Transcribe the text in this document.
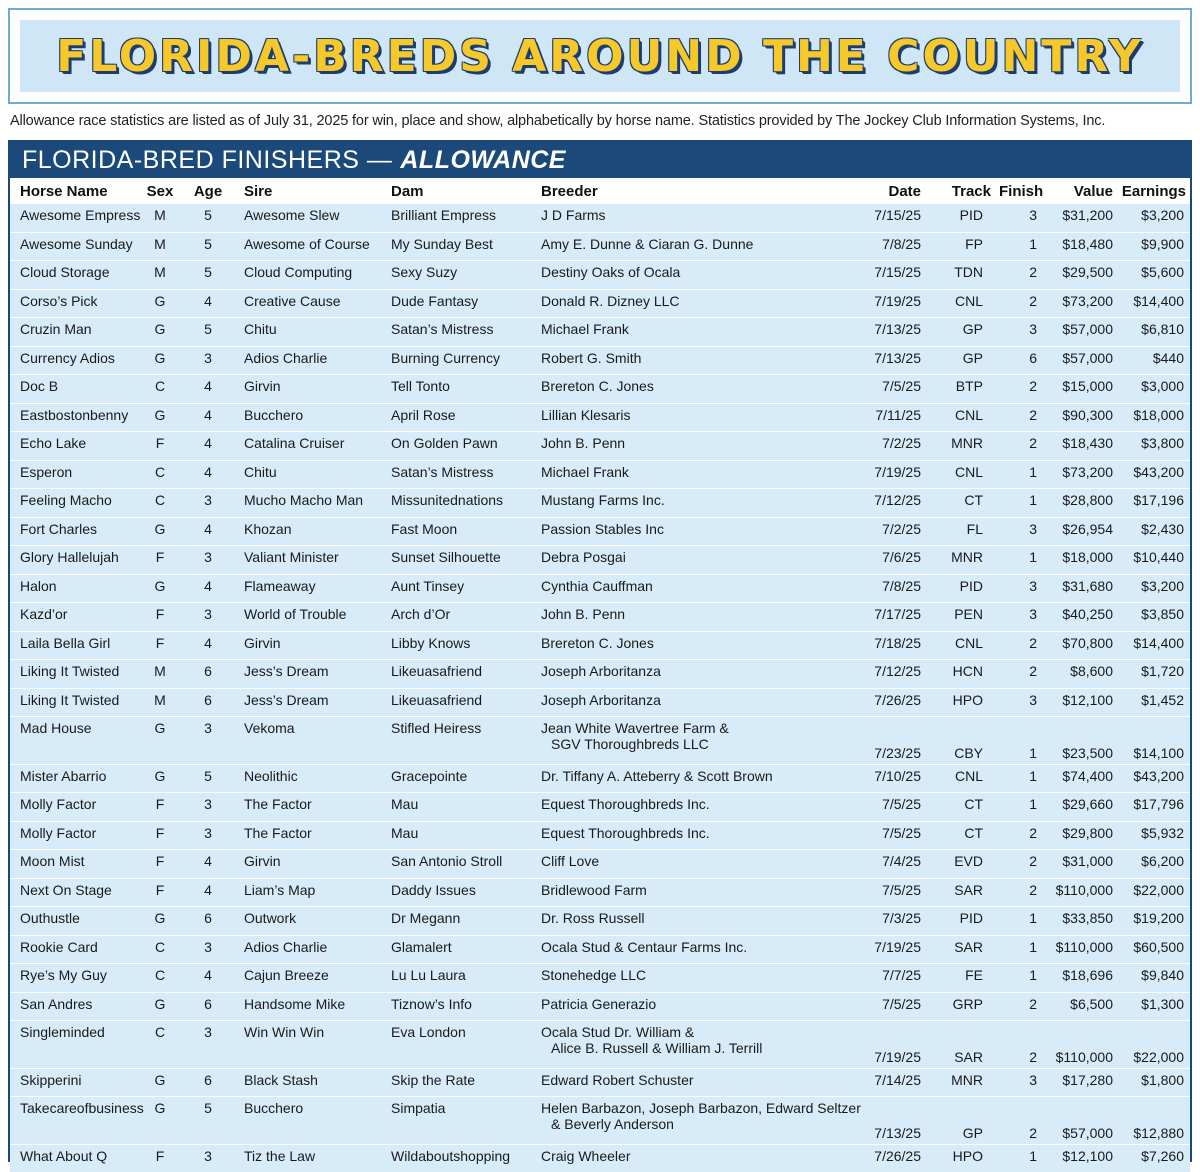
FLORIDA-BREDS AROUND THE COUNTRY
Allowance race statistics are listed as of July 31, 2025 for win, place and show, alphabetically by horse name. Statistics provided by The Jockey Club Information Systems, Inc.
FLORIDA-BRED FINISHERS — ALLOWANCE
Horse Name	Sex	Age	Sire	Dam	Breeder	Date	Track	Finish	Value	Earnings
Awesome Empress	M	5	Awesome Slew	Brilliant Empress	J D Farms	7/15/25	PID	3	$31,200	$3,200
Awesome Sunday	M	5	Awesome of Course	My Sunday Best	Amy E. Dunne & Ciaran G. Dunne	7/8/25	FP	1	$18,480	$9,900
Cloud Storage	M	5	Cloud Computing	Sexy Suzy	Destiny Oaks of Ocala	7/15/25	TDN	2	$29,500	$5,600
Corso’s Pick	G	4	Creative Cause	Dude Fantasy	Donald R. Dizney LLC	7/19/25	CNL	2	$73,200	$14,400
Cruzin Man	G	5	Chitu	Satan’s Mistress	Michael Frank	7/13/25	GP	3	$57,000	$6,810
Currency Adios	G	3	Adios Charlie	Burning Currency	Robert G. Smith	7/13/25	GP	6	$57,000	$440
Doc B	C	4	Girvin	Tell Tonto	Brereton C. Jones	7/5/25	BTP	2	$15,000	$3,000
Eastbostonbenny	G	4	Bucchero	April Rose	Lillian Klesaris	7/11/25	CNL	2	$90,300	$18,000
Echo Lake	F	4	Catalina Cruiser	On Golden Pawn	John B. Penn	7/2/25	MNR	2	$18,430	$3,800
Esperon	C	4	Chitu	Satan’s Mistress	Michael Frank	7/19/25	CNL	1	$73,200	$43,200
Feeling Macho	C	3	Mucho Macho Man	Missunitednations	Mustang Farms Inc.	7/12/25	CT	1	$28,800	$17,196
Fort Charles	G	4	Khozan	Fast Moon	Passion Stables Inc	7/2/25	FL	3	$26,954	$2,430
Glory Hallelujah	F	3	Valiant Minister	Sunset Silhouette	Debra Posgai	7/6/25	MNR	1	$18,000	$10,440
Halon	G	4	Flameaway	Aunt Tinsey	Cynthia Cauffman	7/8/25	PID	3	$31,680	$3,200
Kazd’or	F	3	World of Trouble	Arch d’Or	John B. Penn	7/17/25	PEN	3	$40,250	$3,850
Laila Bella Girl	F	4	Girvin	Libby Knows	Brereton C. Jones	7/18/25	CNL	2	$70,800	$14,400
Liking It Twisted	M	6	Jess’s Dream	Likeuasafriend	Joseph Arboritanza	7/12/25	HCN	2	$8,600	$1,720
Liking It Twisted	M	6	Jess’s Dream	Likeuasafriend	Joseph Arboritanza	7/26/25	HPO	3	$12,100	$1,452
Mad House	G	3	Vekoma	Stifled Heiress	Jean White Wavertree Farm &
SGV Thoroughbreds LLC	7/23/25	CBY	1	$23,500	$14,100
Mister Abarrio	G	5	Neolithic	Gracepointe	Dr. Tiffany A. Atteberry & Scott Brown	7/10/25	CNL	1	$74,400	$43,200
Molly Factor	F	3	The Factor	Mau	Equest Thoroughbreds Inc.	7/5/25	CT	1	$29,660	$17,796
Molly Factor	F	3	The Factor	Mau	Equest Thoroughbreds Inc.	7/5/25	CT	2	$29,800	$5,932
Moon Mist	F	4	Girvin	San Antonio Stroll	Cliff Love	7/4/25	EVD	2	$31,000	$6,200
Next On Stage	F	4	Liam’s Map	Daddy Issues	Bridlewood Farm	7/5/25	SAR	2	$110,000	$22,000
Outhustle	G	6	Outwork	Dr Megann	Dr. Ross Russell	7/3/25	PID	1	$33,850	$19,200
Rookie Card	C	3	Adios Charlie	Glamalert	Ocala Stud & Centaur Farms Inc.	7/19/25	SAR	1	$110,000	$60,500
Rye’s My Guy	C	4	Cajun Breeze	Lu Lu Laura	Stonehedge LLC	7/7/25	FE	1	$18,696	$9,840
San Andres	G	6	Handsome Mike	Tiznow’s Info	Patricia Generazio	7/5/25	GRP	2	$6,500	$1,300
Singleminded	C	3	Win Win Win	Eva London	Ocala Stud Dr. William &
Alice B. Russell & William J. Terrill	7/19/25	SAR	2	$110,000	$22,000
Skipperini	G	6	Black Stash	Skip the Rate	Edward Robert Schuster	7/14/25	MNR	3	$17,280	$1,800
Takecareofbusiness	G	5	Bucchero	Simpatia	Helen Barbazon, Joseph Barbazon, Edward Seltzer
& Beverly Anderson	7/13/25	GP	2	$57,000	$12,880
What About Q	F	3	Tiz the Law	Wildaboutshopping	Craig Wheeler	7/26/25	HPO	1	$12,100	$7,260
